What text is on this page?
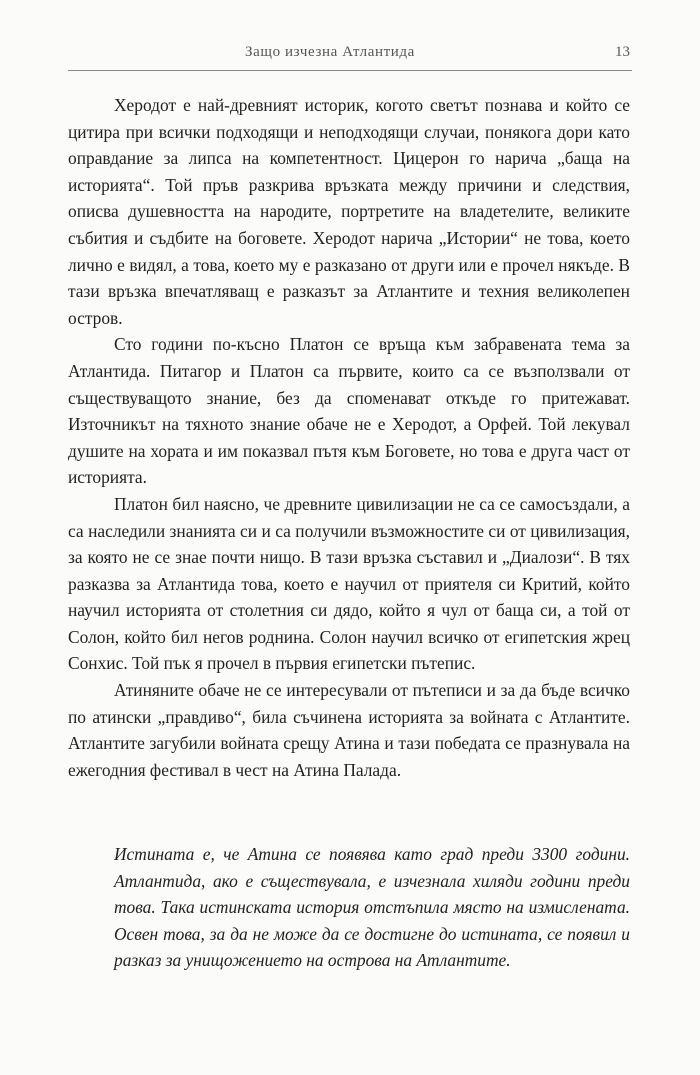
Защо изчезна Атлантида	13

Херодот е най-древният историк, когото светът познава и който се цитира при всички подходящи и неподходящи случаи, понякога дори като оправдание за липса на компетентност. Цицерон го нарича „баща на историята“. Той пръв разкрива връзката между причини и следствия, описва душевността на народите, портретите на владетелите, великите събития и съдбите на боговете. Херодот нарича „Истории“ не това, което лично е видял, а това, което му е разказано от други или е прочел някъде. В тази връзка впечатляващ е разказът за Атлантите и техния великолепен остров.

Сто години по-късно Платон се връща към забравената тема за Атлантида. Питагор и Платон са първите, които са се възползвали от съществуващото знание, без да споменават откъде го притежават. Източникът на тяхното знание обаче не е Херодот, а Орфей. Той лекувал душите на хората и им показвал пътя към Боговете, но това е друга част от историята.

Платон бил наясно, че древните цивилизации не са се самосъздали, а са наследили знанията си и са получили възможностите си от цивилизация, за която не се знае почти нищо. В тази връзка съставил и „Диалози“. В тях разказва за Атлантида това, което е научил от приятеля си Критий, който научил историята от столетния си дядо, който я чул от баща си, а той от Солон, който бил негов роднина. Солон научил всичко от египетския жрец Сонхис. Той пък я прочел в първия египетски пътепис.

Атиняните обаче не се интересували от пътеписи и за да бъде всичко по атински „правдиво“, била съчинена историята за войната с Атлантите. Атлантите загубили войната срещу Атина и тази победата се празнувала на ежегодния фестивал в чест на Атина Палада.

Истината е, че Атина се появява като град преди 3300 години. Атлантида, ако е съществувала, е изчезнала хиляди години преди това. Така истинската история отстъпила място на измислената. Освен това, за да не може да се достигне до истината, се появил и разказ за унищожението на острова на Атлантите.
